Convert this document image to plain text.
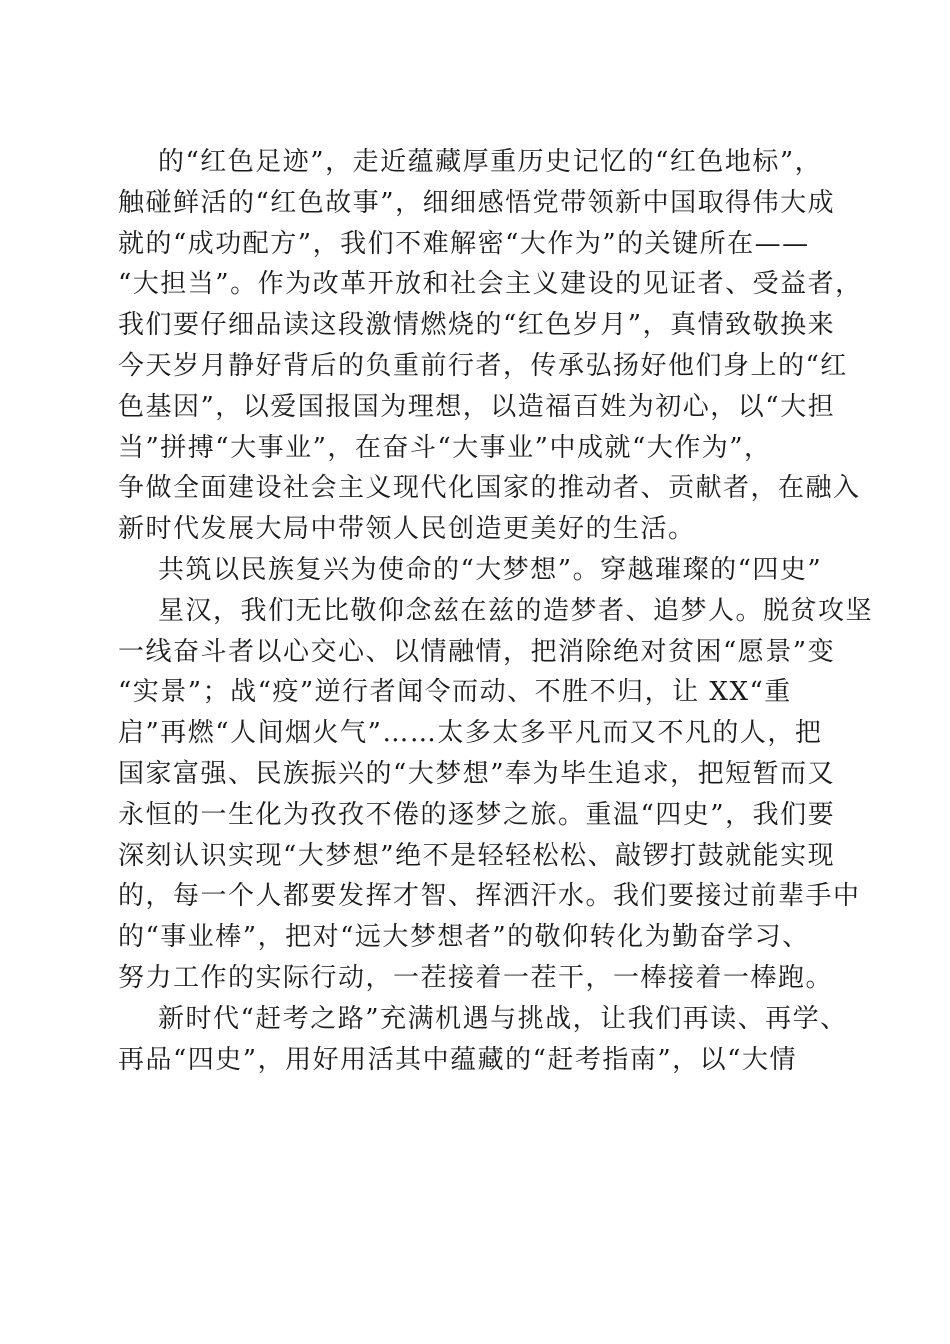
的“红色足迹”，走近蕴藏厚重历史记忆的“红色地标”，
触碰鲜活的“红色故事”，细细感悟党带领新中国取得伟大成
就的“成功配方”，我们不难解密“大作为”的关键所在——
“大担当”。作为改革开放和社会主义建设的见证者、受益者，
我们要仔细品读这段激情燃烧的“红色岁月”，真情致敬换来
今天岁月静好背后的负重前行者，传承弘扬好他们身上的“红
色基因”，以爱国报国为理想，以造福百姓为初心，以“大担
当”拼搏“大事业”，在奋斗“大事业”中成就“大作为”，
争做全面建设社会主义现代化国家的推动者、贡献者，在融入
新时代发展大局中带领人民创造更美好的生活。
共筑以民族复兴为使命的“大梦想”。穿越璀璨的“四史”
星汉，我们无比敬仰念兹在兹的造梦者、追梦人。脱贫攻坚
一线奋斗者以心交心、以情融情，把消除绝对贫困“愿景”变
“实景”；战“疫”逆行者闻令而动、不胜不归，让 XX“重
启”再燃“人间烟火气”……太多太多平凡而又不凡的人，把
国家富强、民族振兴的“大梦想”奉为毕生追求，把短暂而又
永恒的一生化为孜孜不倦的逐梦之旅。重温“四史”，我们要
深刻认识实现“大梦想”绝不是轻轻松松、敲锣打鼓就能实现
的，每一个人都要发挥才智、挥洒汗水。我们要接过前辈手中
的“事业棒”，把对“远大梦想者”的敬仰转化为勤奋学习、
努力工作的实际行动，一茬接着一茬干，一棒接着一棒跑。
新时代“赶考之路”充满机遇与挑战，让我们再读、再学、
再品“四史”，用好用活其中蕴藏的“赶考指南”，以“大情
